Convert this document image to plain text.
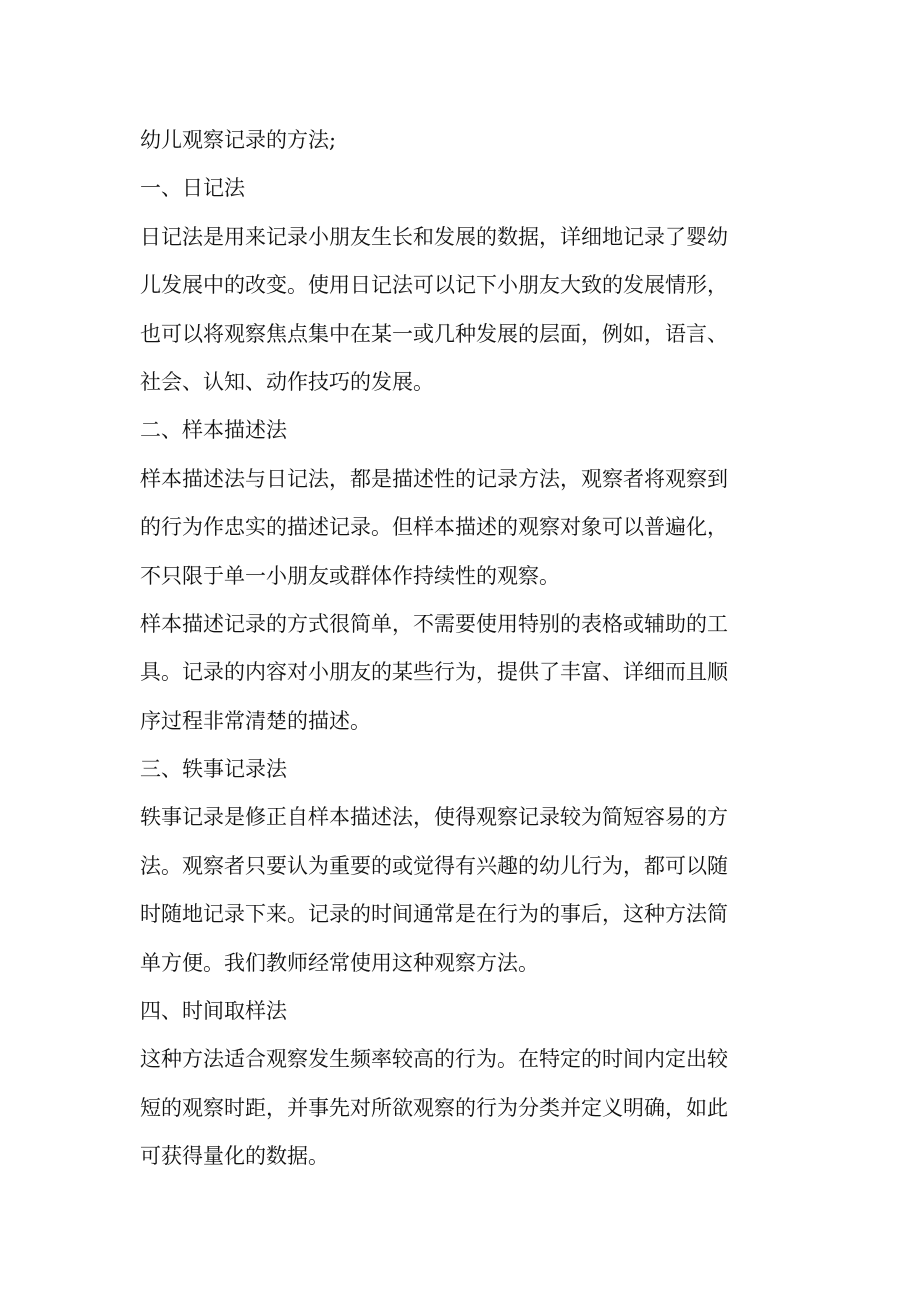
幼儿观察记录的方法;
一、日记法
日记法是用来记录小朋友生长和发展的数据，详细地记录了婴幼
儿发展中的改变。使用日记法可以记下小朋友大致的发展情形，
也可以将观察焦点集中在某一或几种发展的层面，例如，语言、
社会、认知、动作技巧的发展。
二、样本描述法
样本描述法与日记法，都是描述性的记录方法，观察者将观察到
的行为作忠实的描述记录。但样本描述的观察对象可以普遍化，
不只限于单一小朋友或群体作持续性的观察。
样本描述记录的方式很简单，不需要使用特别的表格或辅助的工
具。记录的内容对小朋友的某些行为，提供了丰富、详细而且顺
序过程非常清楚的描述。
三、轶事记录法
轶事记录是修正自样本描述法，使得观察记录较为简短容易的方
法。观察者只要认为重要的或觉得有兴趣的幼儿行为，都可以随
时随地记录下来。记录的时间通常是在行为的事后，这种方法简
单方便。我们教师经常使用这种观察方法。
四、时间取样法
这种方法适合观察发生频率较高的行为。在特定的时间内定出较
短的观察时距，并事先对所欲观察的行为分类并定义明确，如此
可获得量化的数据。
